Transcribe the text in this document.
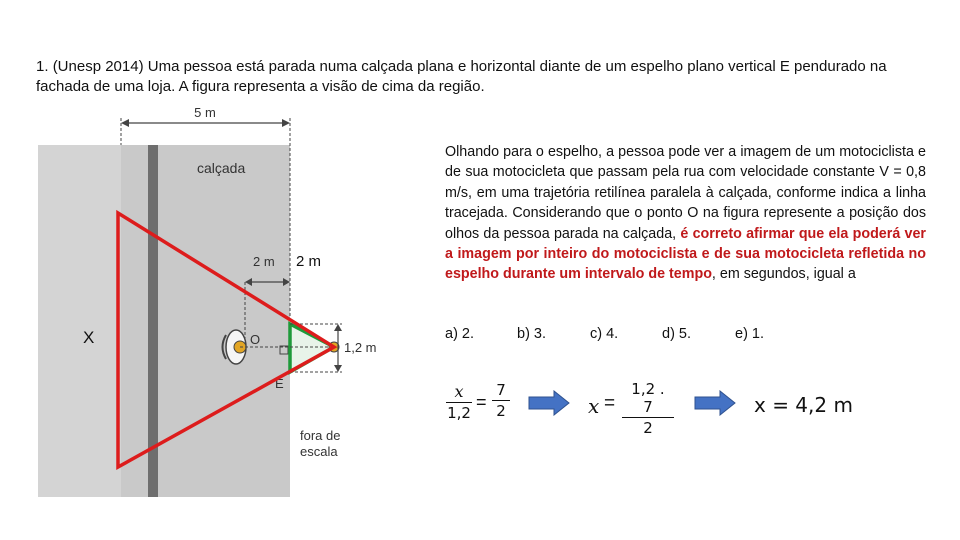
1. (Unesp 2014) Uma pessoa está parada numa calçada plana e horizontal diante de um espelho plano vertical E pendurado na
fachada de uma loja. A figura representa a visão de cima da região.
5 m
calçada
2 m 2 m
O
E
1,2 m
X
fora de
escala
Olhando para o espelho, a pessoa pode ver a imagem de um motociclista e de sua motocicleta que passam pela rua com velocidade constante V = 0,8 m/s, em uma trajetória retilínea paralela à calçada, conforme indica a linha tracejada. Considerando que o ponto O na figura represente a posição dos olhos da pessoa parada na calçada, é correto afirmar que ela poderá ver a imagem por inteiro do motociclista e de sua motocicleta refletida no espelho durante um intervalo de tempo, em segundos, igual a
a) 2.	b) 3.	c) 4.	d) 5.	e) 1.
$\frac{x}{1,2} = \frac{7}{2}$	$x = \frac{1,2 . 7}{2}$	x = 4,2 m
